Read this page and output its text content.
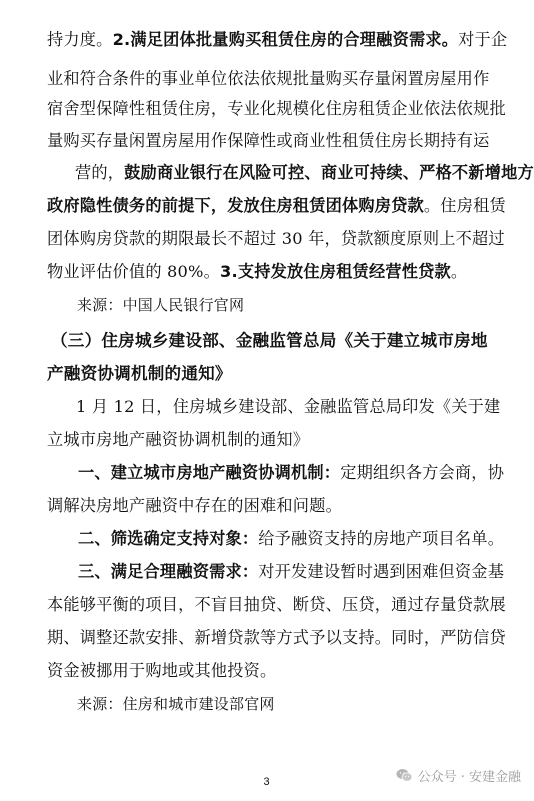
持力度。2.满足团体批量购买租赁住房的合理融资需求。对于企
业和符合条件的事业单位依法依规批量购买存量闲置房屋用作
宿舍型保障性租赁住房，专业化规模化住房租赁企业依法依规批
量购买存量闲置房屋用作保障性或商业性租赁住房长期持有运
营的，鼓励商业银行在风险可控、商业可持续、严格不新增地方
政府隐性债务的前提下，发放住房租赁团体购房贷款。住房租赁
团体购房贷款的期限最长不超过 30 年，贷款额度原则上不超过
物业评估价值的 80%。3.支持发放住房租赁经营性贷款。
来源：中国人民银行官网
（三）住房城乡建设部、金融监管总局《关于建立城市房地
产融资协调机制的通知》
1 月 12 日，住房城乡建设部、金融监管总局印发《关于建
立城市房地产融资协调机制的通知》
一、建立城市房地产融资协调机制：定期组织各方会商，协
调解决房地产融资中存在的困难和问题。
二、筛选确定支持对象：给予融资支持的房地产项目名单。
三、满足合理融资需求：对开发建设暂时遇到困难但资金基
本能够平衡的项目，不盲目抽贷、断贷、压贷，通过存量贷款展
期、调整还款安排、新增贷款等方式予以支持。同时，严防信贷
资金被挪用于购地或其他投资。
来源：住房和城市建设部官网
3	公众号 · 安建金融
